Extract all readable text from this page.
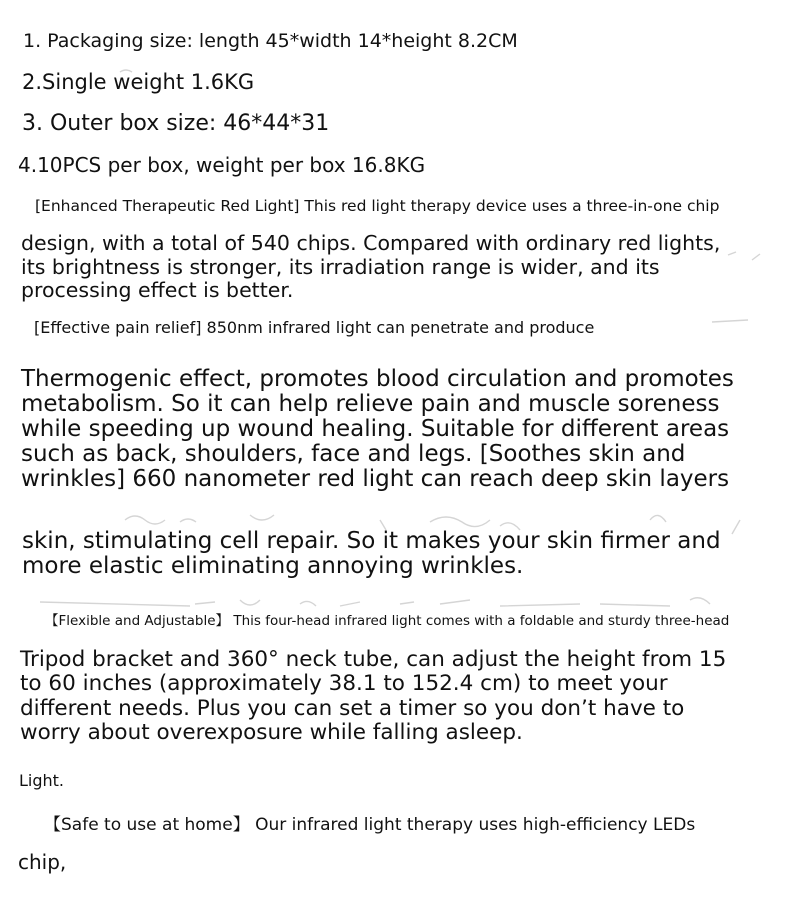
1. Packaging size: length 45*width 14*height 8.2CM

2.Single weight 1.6KG

3. Outer box size: 46*44*31

4.10PCS per box, weight per box 16.8KG

[Enhanced Therapeutic Red Light] This red light therapy device uses a three-in-one chip

design, with a total of 540 chips. Compared with ordinary red lights,
its brightness is stronger, its irradiation range is wider, and its
processing effect is better.

[Effective pain relief] 850nm infrared light can penetrate and produce

Thermogenic effect, promotes blood circulation and promotes
metabolism. So it can help relieve pain and muscle soreness
while speeding up wound healing. Suitable for different areas
such as back, shoulders, face and legs. [Soothes skin and
wrinkles] 660 nanometer red light can reach deep skin layers

skin, stimulating cell repair. So it makes your skin firmer and
more elastic eliminating annoying wrinkles.

【Flexible and Adjustable】 This four-head infrared light comes with a foldable and sturdy three-head

Tripod bracket and 360° neck tube, can adjust the height from 15
to 60 inches (approximately 38.1 to 152.4 cm) to meet your
different needs. Plus you can set a timer so you don’t have to
worry about overexposure while falling asleep.

Light.

【Safe to use at home】 Our infrared light therapy uses high-efficiency LEDs

chip,
